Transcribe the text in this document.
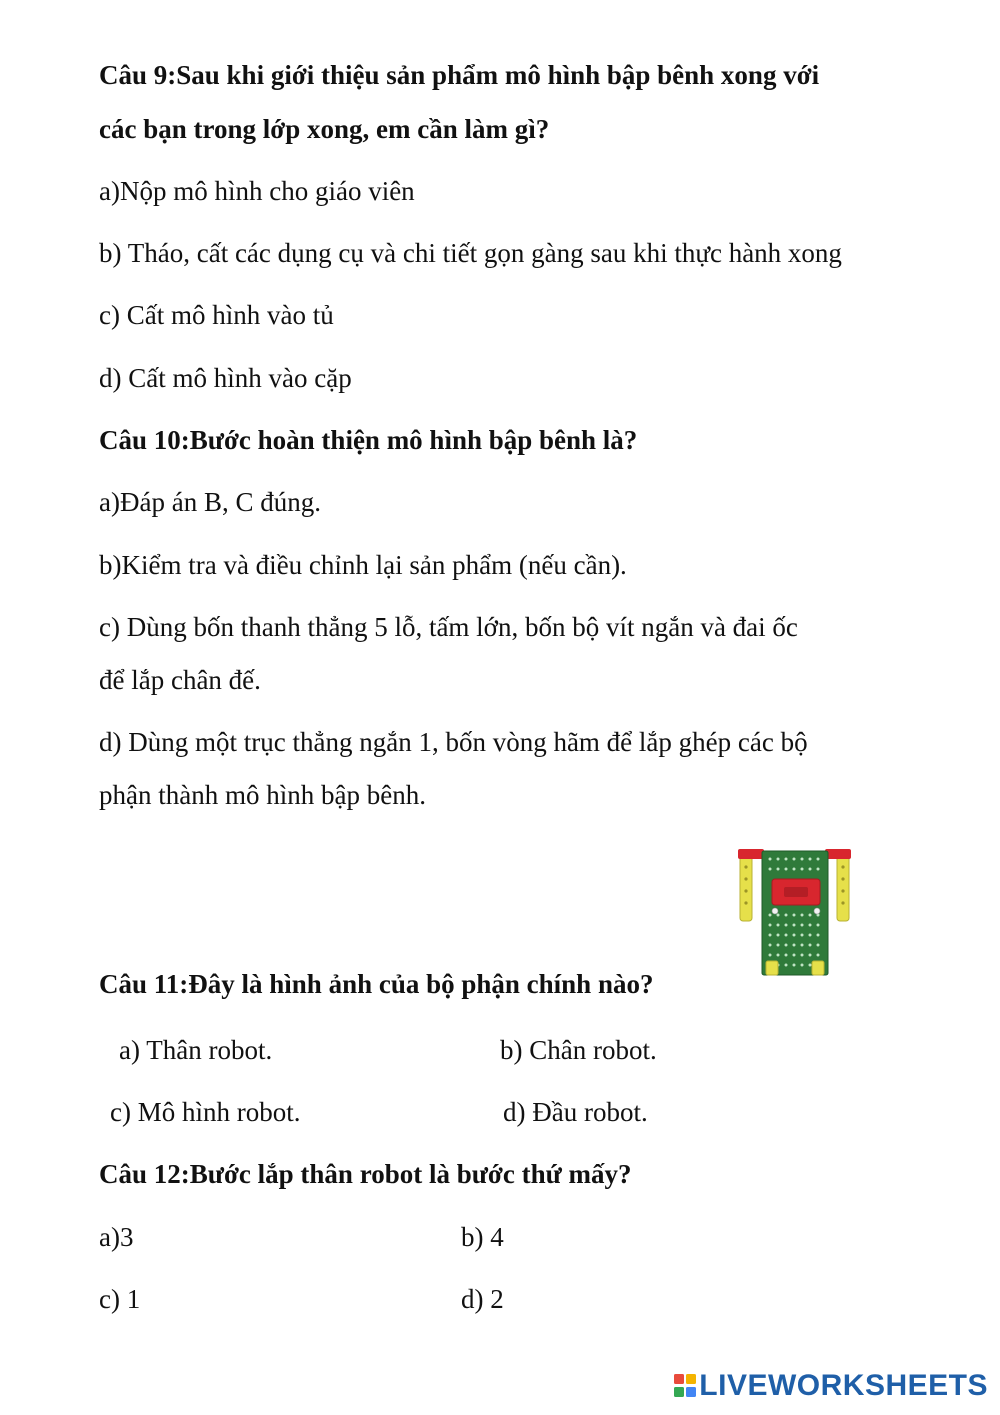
Câu 9:Sau khi giới thiệu sản phẩm mô hình bập bênh xong với

các bạn trong lớp xong, em cần làm gì?

a)Nộp mô hình cho giáo viên

b) Tháo, cất các dụng cụ và chi tiết gọn gàng sau khi thực hành xong

c) Cất mô hình vào tủ

d) Cất mô hình vào cặp

Câu 10:Bước hoàn thiện mô hình bập bênh là?

a)Đáp án B, C đúng.

b)Kiểm tra và điều chỉnh lại sản phẩm (nếu cần).

c) Dùng bốn thanh thẳng 5 lỗ, tấm lớn, bốn bộ vít ngắn và đai ốc

để lắp chân đế.

d) Dùng một trục thẳng ngắn 1, bốn vòng hãm để lắp ghép các bộ

phận thành mô hình bập bênh.

Câu 11:Đây là hình ảnh của bộ phận chính nào?

a) Thân robot.	b) Chân robot.

c) Mô hình robot.	d) Đầu robot.

Câu 12:Bước lắp thân robot là bước thứ mấy?

a)3	b) 4

c) 1	d) 2

LIVEWORKSHEETS
